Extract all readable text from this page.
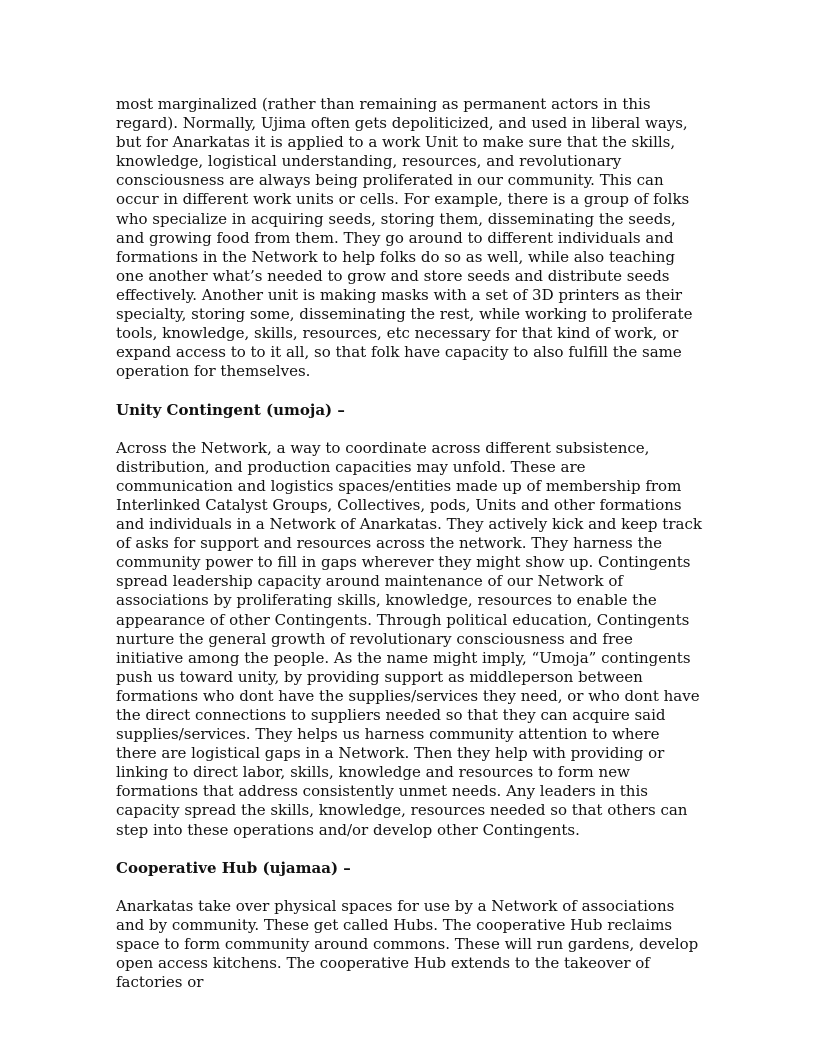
most marginalized (rather than remaining as permanent actors in this regard). Normally, Ujima often gets depoliticized, and used in liberal ways, but for Anarkatas it is applied to a work Unit to make sure that the skills, knowledge, logistical understanding, resources, and revolutionary consciousness are always being proliferated in our community. This can occur in different work units or cells. For example, there is a group of folks who specialize in acquiring seeds, storing them, disseminating the seeds, and growing food from them. They go around to different individuals and formations in the Network to help folks do so as well, while also teaching one another what’s needed to grow and store seeds and distribute seeds effectively. Another unit is making masks with a set of 3D printers as their specialty, storing some, disseminating the rest, while working to proliferate tools, knowledge, skills, resources, etc necessary for that kind of work, or expand access to to it all, so that folk have capacity to also fulfill the same operation for themselves.

Unity Contingent (umoja) –

Across the Network, a way to coordinate across different subsistence, distribution, and production capacities may unfold. These are communication and logistics spaces/entities made up of membership from Interlinked Catalyst Groups, Collectives, pods, Units and other formations and individuals in a Network of Anarkatas. They actively kick and keep track of asks for support and resources across the network. They harness the community power to fill in gaps wherever they might show up. Contingents spread leadership capacity around maintenance of our Network of associations by proliferating skills, knowledge, resources to enable the appearance of other Contingents. Through political education, Contingents nurture the general growth of revolutionary consciousness and free initiative among the people. As the name might imply, “Umoja” contingents push us toward unity, by providing support as middleperson between formations who dont have the supplies/services they need, or who dont have the direct connections to suppliers needed so that they can acquire said supplies/services. They helps us harness community attention to where there are logistical gaps in a Network. Then they help with providing or linking to direct labor, skills, knowledge and resources to form new formations that address consistently unmet needs. Any leaders in this capacity spread the skills, knowledge, resources needed so that others can step into these operations and/or develop other Contingents.

Cooperative Hub (ujamaa) –

Anarkatas take over physical spaces for use by a Network of associations and by community. These get called Hubs. The cooperative Hub reclaims space to form community around commons. These will run gardens, develop open access kitchens. The cooperative Hub extends to the takeover of factories or
